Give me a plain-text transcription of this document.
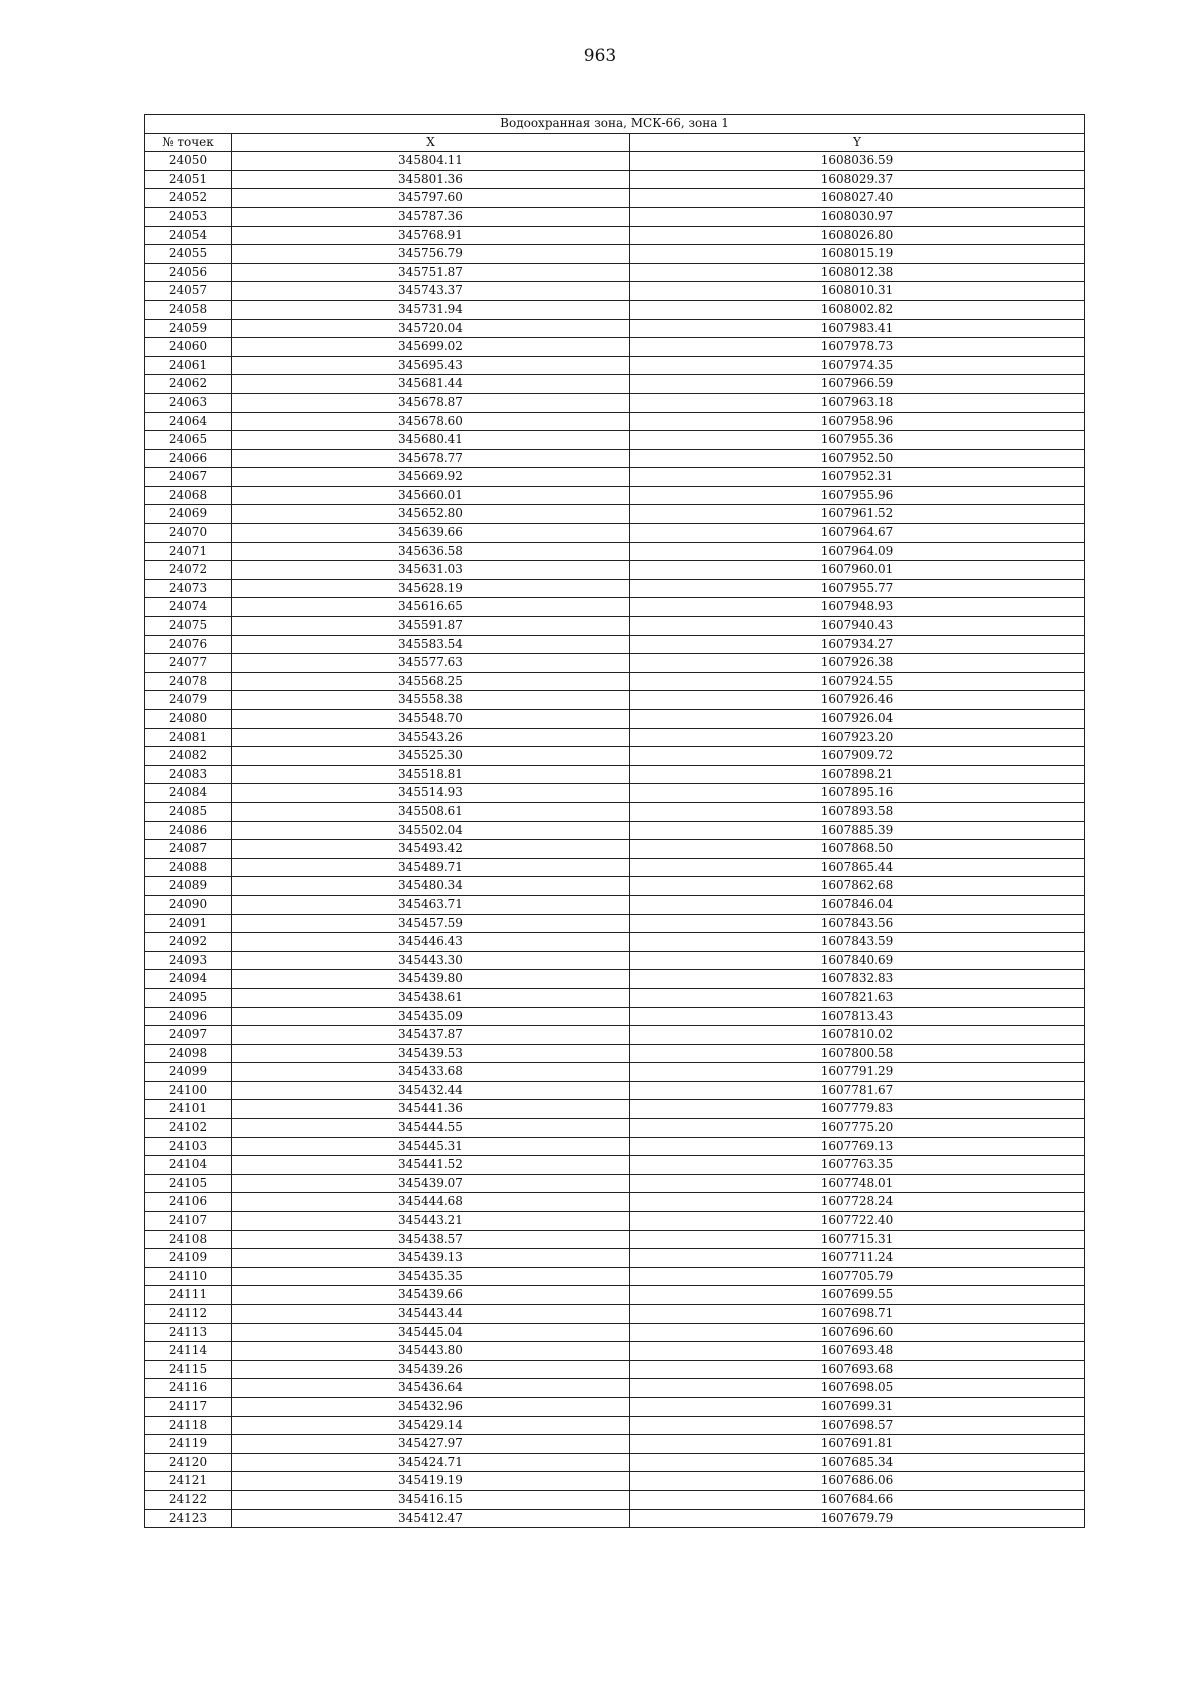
963
Водоохранная зона, МСК-66, зона 1		
№ точек	X	Y
24050	345804.11	1608036.59
24051	345801.36	1608029.37
24052	345797.60	1608027.40
24053	345787.36	1608030.97
24054	345768.91	1608026.80
24055	345756.79	1608015.19
24056	345751.87	1608012.38
24057	345743.37	1608010.31
24058	345731.94	1608002.82
24059	345720.04	1607983.41
24060	345699.02	1607978.73
24061	345695.43	1607974.35
24062	345681.44	1607966.59
24063	345678.87	1607963.18
24064	345678.60	1607958.96
24065	345680.41	1607955.36
24066	345678.77	1607952.50
24067	345669.92	1607952.31
24068	345660.01	1607955.96
24069	345652.80	1607961.52
24070	345639.66	1607964.67
24071	345636.58	1607964.09
24072	345631.03	1607960.01
24073	345628.19	1607955.77
24074	345616.65	1607948.93
24075	345591.87	1607940.43
24076	345583.54	1607934.27
24077	345577.63	1607926.38
24078	345568.25	1607924.55
24079	345558.38	1607926.46
24080	345548.70	1607926.04
24081	345543.26	1607923.20
24082	345525.30	1607909.72
24083	345518.81	1607898.21
24084	345514.93	1607895.16
24085	345508.61	1607893.58
24086	345502.04	1607885.39
24087	345493.42	1607868.50
24088	345489.71	1607865.44
24089	345480.34	1607862.68
24090	345463.71	1607846.04
24091	345457.59	1607843.56
24092	345446.43	1607843.59
24093	345443.30	1607840.69
24094	345439.80	1607832.83
24095	345438.61	1607821.63
24096	345435.09	1607813.43
24097	345437.87	1607810.02
24098	345439.53	1607800.58
24099	345433.68	1607791.29
24100	345432.44	1607781.67
24101	345441.36	1607779.83
24102	345444.55	1607775.20
24103	345445.31	1607769.13
24104	345441.52	1607763.35
24105	345439.07	1607748.01
24106	345444.68	1607728.24
24107	345443.21	1607722.40
24108	345438.57	1607715.31
24109	345439.13	1607711.24
24110	345435.35	1607705.79
24111	345439.66	1607699.55
24112	345443.44	1607698.71
24113	345445.04	1607696.60
24114	345443.80	1607693.48
24115	345439.26	1607693.68
24116	345436.64	1607698.05
24117	345432.96	1607699.31
24118	345429.14	1607698.57
24119	345427.97	1607691.81
24120	345424.71	1607685.34
24121	345419.19	1607686.06
24122	345416.15	1607684.66
24123	345412.47	1607679.79
